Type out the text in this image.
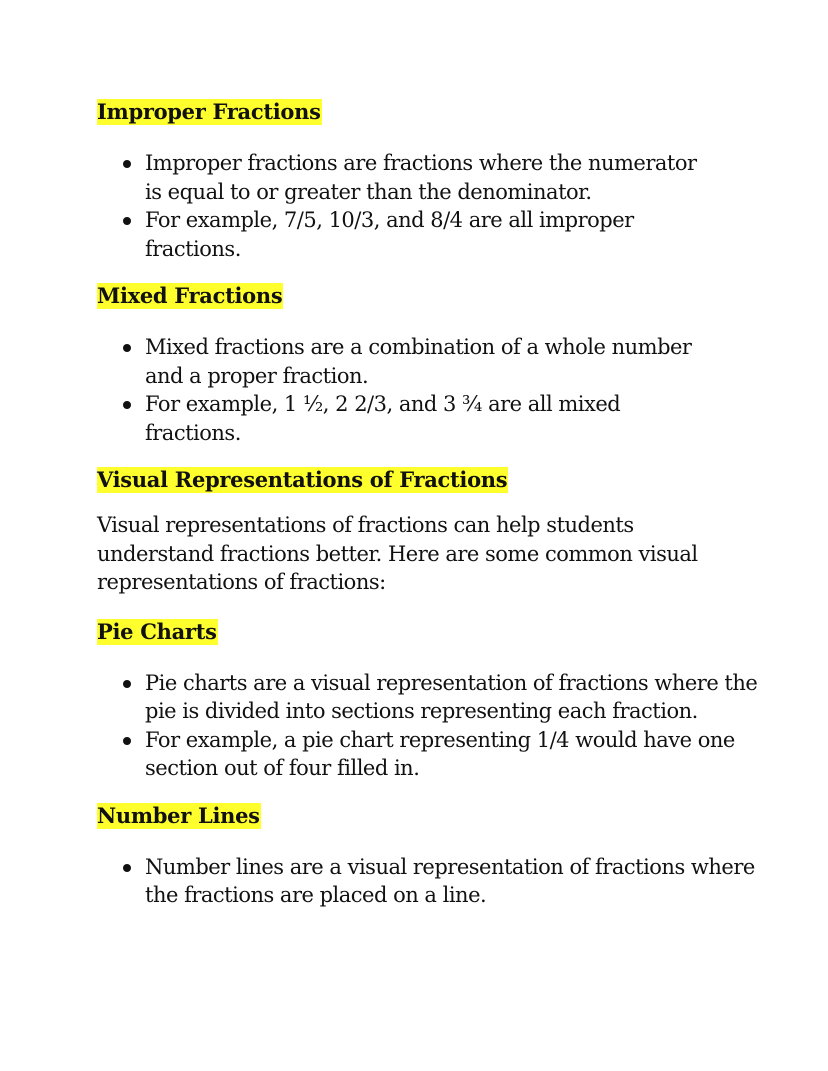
Improper Fractions
Improper fractions are fractions where the numerator is equal to or greater than the denominator.
For example, 7/5, 10/3, and 8/4 are all improper fractions.
Mixed Fractions
Mixed fractions are a combination of a whole number and a proper fraction.
For example, 1 ½, 2 2/3, and 3 ¾ are all mixed fractions.
Visual Representations of Fractions

Visual representations of fractions can help students understand fractions better. Here are some common visual representations of fractions:

Pie Charts
Pie charts are a visual representation of fractions where the pie is divided into sections representing each fraction.
For example, a pie chart representing 1/4 would have one section out of four filled in.
Number Lines
Number lines are a visual representation of fractions where the fractions are placed on a line.
